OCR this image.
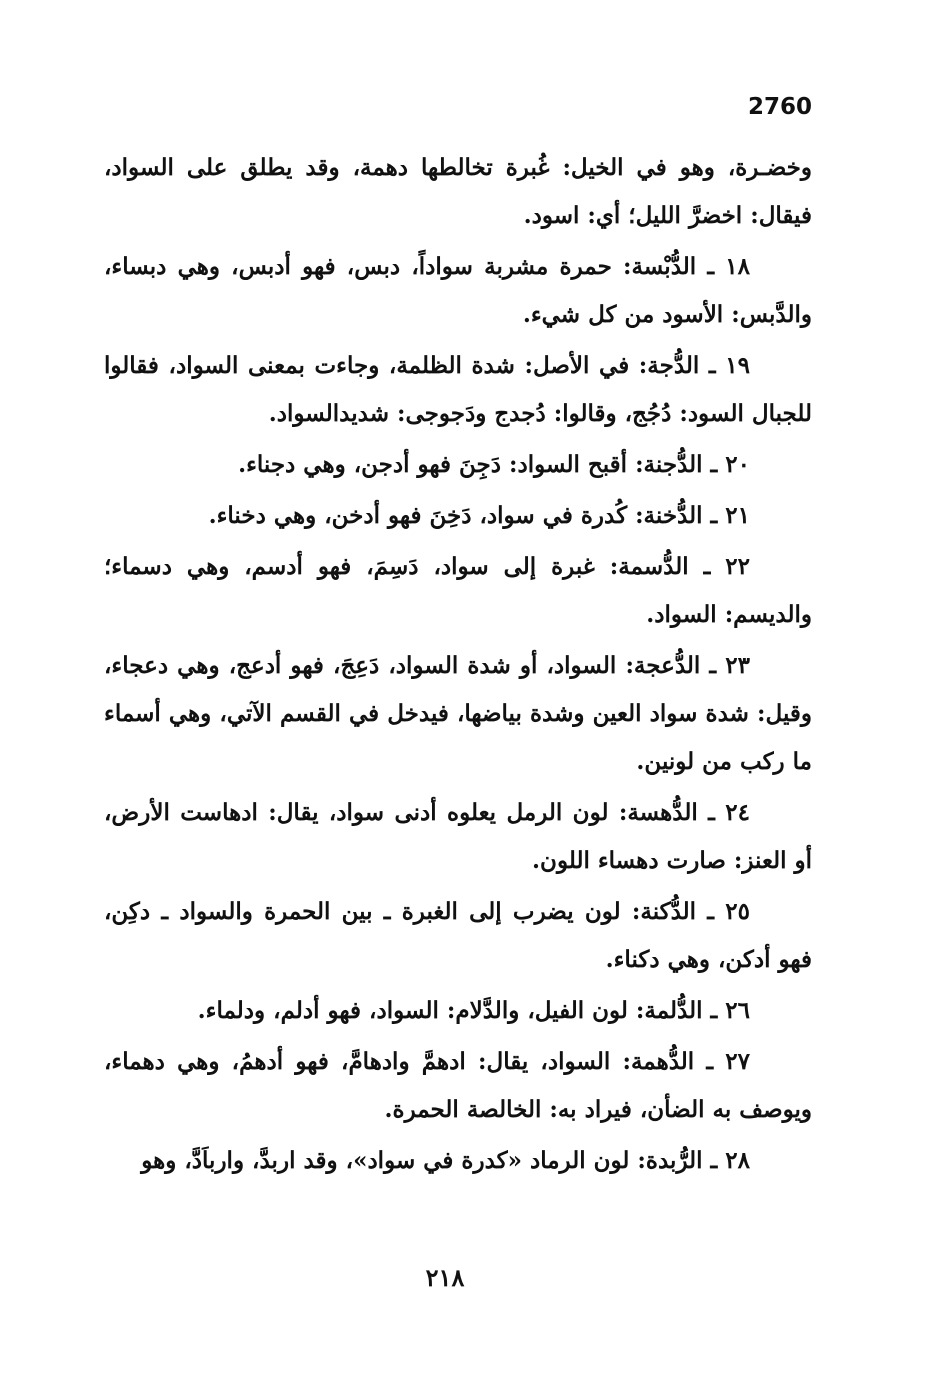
2760

وخضـرة، وهو في الخيل: غُبرة تخالطها دهمة، وقد يطلق على السواد، فيقال: اخضرَّ الليل؛ أي: اسود.

١٨ ـ الدُّبْسة: حمرة مشربة سواداً، دبس، فهو أدبس، وهي دبساء، والدَّبس: الأسود من كل شيء.

١٩ ـ الدُّجة: في الأصل: شدة الظلمة، وجاءت بمعنى السواد، فقالوا للجبال السود: دُجُج، وقالوا: دُجدج ودَجوجى: شديدالسواد.

٢٠ ـ الدُّجنة: أقبح السواد: دَجِنَ فهو أدجن، وهي دجناء.

٢١ ـ الدُّخنة: كُدرة في سواد، دَخِنَ فهو أدخن، وهي دخناء.

٢٢ ـ الدُّسمة: غبرة إلى سواد، دَسِمَ، فهو أدسم، وهي دسماء؛ والديسم: السواد.

٢٣ ـ الدُّعجة: السواد، أو شدة السواد، دَعِجَ، فهو أدعج، وهي دعجاء، وقيل: شدة سواد العين وشدة بياضها، فيدخل في القسم الآتي، وهي أسماء ما ركب من لونين.

٢٤ ـ الدُّهسة: لون الرمل يعلوه أدنى سواد، يقال: ادهاست الأرض، أو العنز: صارت دهساء اللون.

٢٥ ـ الدُّكنة: لون يضرب إلى الغبرة ـ بين الحمرة والسواد ـ دكِن، فهو أدكن، وهي دكناء.

٢٦ ـ الدُّلمة: لون الفيل، والدَّلام: السواد، فهو أدلم، ودلماء.

٢٧ ـ الدُّهمة: السواد، يقال: ادهمَّ وادهامَّ، فهو أدهمُ، وهي دهماء، ويوصف به الضأن، فيراد به: الخالصة الحمرة.

٢٨ ـ الرُّبدة: لون الرماد «كدرة في سواد»، وقد اربدَّ، وارباَدَّ، وهو

٢١٨
